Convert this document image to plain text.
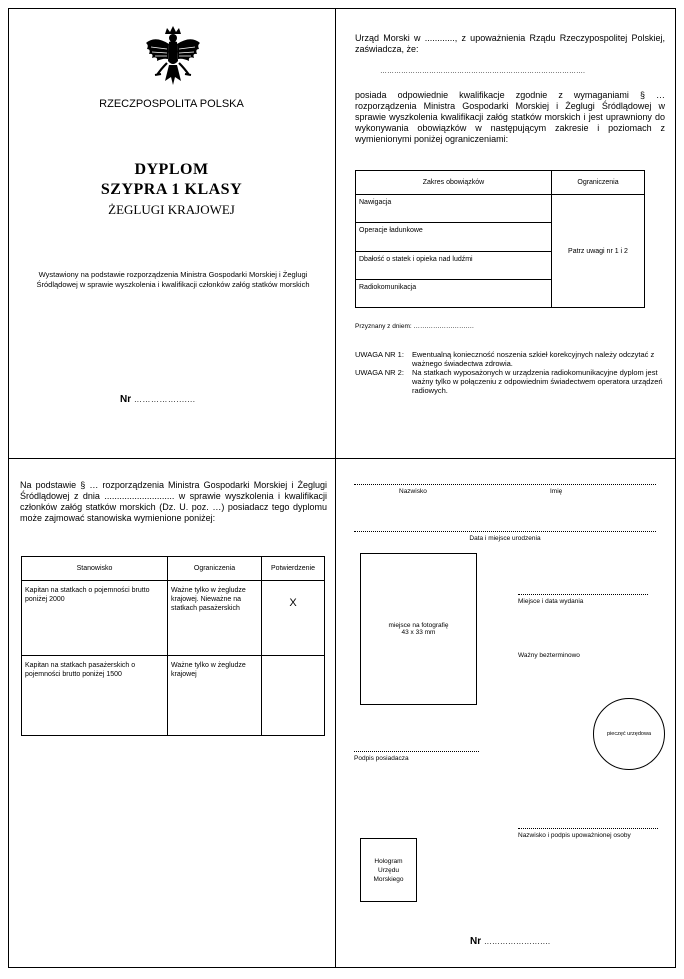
RZECZPOSPOLITA POLSKA
DYPLOM
SZYPRA 1 KLASY
ŻEGLUGI KRAJOWEJ
Wystawiony na podstawie rozporządzenia Ministra Gospodarki Morskiej i Żeglugi Śródlądowej w sprawie wyszkolenia i kwalifikacji członków załóg statków morskich
Nr …………….......
Urząd Morski w ............, z upoważnienia Rządu Rzeczypospolitej Polskiej, zaświadcza, że:
…………………………………………………………………………….
posiada odpowiednie kwalifikacje zgodnie z wymaganiami § … rozporządzenia Ministra Gospodarki Morskiej i Żeglugi Śródlądowej w sprawie wyszkolenia kwalifikacji załóg statków morskich i jest uprawniony do wykonywania obowiązków w następującym zakresie i poziomach z wymienionymi poniżej ograniczeniami:
Zakres obowiązków	Ograniczenia
Nawigacja	Patrz uwagi nr 1 i 2
Operacje ładunkowe	
Dbałość o statek i opieka nad ludźmi	
Radiokomunikacja	
Przyznany z dniem: ……………………….
UWAGA NR 1:	Ewentualną konieczność noszenia szkieł korekcyjnych należy odczytać z ważnego świadectwa zdrowia.
UWAGA NR 2:	Na statkach wyposażonych w urządzenia radiokomunikacyjne dyplom jest ważny tylko w połączeniu z odpowiednim świadectwem operatora urządzeń radiowych.
Na podstawie § … rozporządzenia Ministra Gospodarki Morskiej i Żeglugi Śródlądowej z dnia ............................ w sprawie wyszkolenia i kwalifikacji członków załóg statków morskich (Dz. U. poz. …) posiadacz tego dyplomu może zajmować stanowiska wymienione poniżej:
Stanowisko	Ograniczenia	Potwierdzenie
Kapitan na statkach o pojemności brutto poniżej 2000	Ważne tylko w żegludze krajowej. Nieważne na statkach pasażerskich	X
Kapitan na statkach pasażerskich o pojemności brutto poniżej 1500	Ważne tylko w żegludze krajowej	
Nazwisko	Imię
Data i miejsce urodzenia
miejsce na fotografię
43 x 33 mm
Miejsce i data wydania
Ważny bezterminowo
pieczęć urzędowa
Podpis posiadacza
Nazwisko i podpis upoważnionej osoby
Hologram
Urzędu
Morskiego
Nr …………………….
